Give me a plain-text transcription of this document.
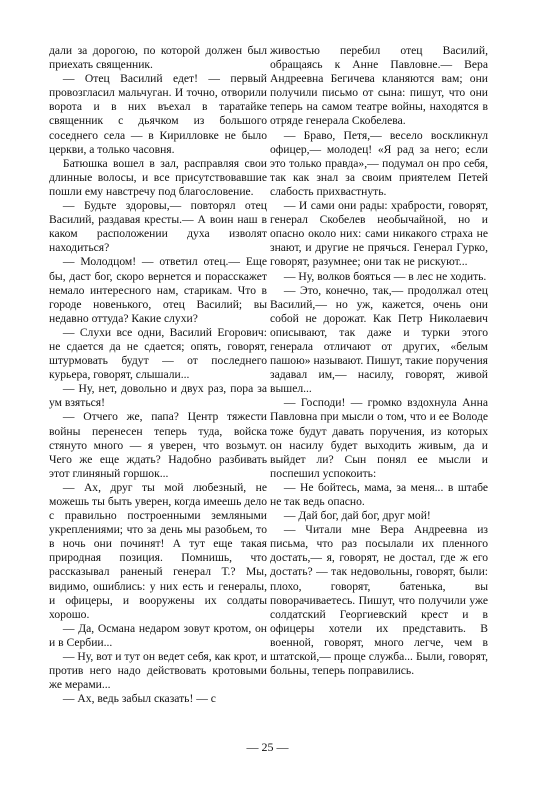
дали за дорогою, по которой должен был приехать священник.

— Отец Василий едет! — первый провозгласил мальчуган. И точно, отворили ворота и в них въехал в таратайке священник с дьячком из большого соседнего села — в Кирилловке не было церкви, а только часовня.

Батюшка вошел в зал, расправляя свои длинные волосы, и все присутствовавшие пошли ему навстречу под благословение.

— Будьте здоровы,— повторял отец Василий, раздавая кресты.— А воин наш в каком расположении духа изволят находиться?

— Молодцом! — ответил отец.— Еще бы, даст бог, скоро вернется и порасскажет немало интересного нам, старикам. Что в городе новенького, отец Василий; вы недавно оттуда? Какие слухи?

— Слухи все одни, Василий Егорович: не сдается да не сдается; опять, говорят, штурмовать будут — от последнего курьера, говорят, слышали...

— Ну, нет, довольно и двух раз, пора за ум взяться!

— Отчего же, папа? Центр тяжести войны перенесен теперь туда, войска стянуто много — я уверен, что возьмут. Чего же еще ждать? Надобно разбивать этот глиняный горшок...

— Ах, друг ты мой любезный, не можешь ты быть уверен, когда имеешь дело с правильно построенными земляными укреплениями; что за день мы разобьем, то в ночь они починят! А тут еще такая природная позиция. Помнишь, что рассказывал раненый генерал Т.? Мы, видимо, ошиблись: у них есть и генералы, и офицеры, и вооружены их солдаты хорошо.

— Да, Османа недаром зовут кротом, он и в Сербии...

— Ну, вот и тут он ведет себя, как крот, и против него надо действовать кротовыми же мерами...

— Ах, ведь забыл сказать! — с

живостью перебил отец Василий, обращаясь к Анне Павловне.— Вера Андреевна Бегичева кланяются вам; они получили письмо от сына: пишут, что они теперь на самом театре войны, находятся в отряде генерала Скобелева.

— Браво, Петя,— весело воскликнул офицер,— молодец! «Я рад за него; если это только правда»,— подумал он про себя, так как знал за своим приятелем Петей слабость прихвастнуть.

— И сами они рады: храбрости, говорят, генерал Скобелев необычайной, но и опасно около них: сами никакого страха не знают, и другие не прячься. Генерал Гурко, говорят, разумнее; они так не рискуют...

— Ну, волков бояться — в лес не ходить.

— Это, конечно, так,— продолжал отец Василий,— но уж, кажется, очень они собой не дорожат. Как Петр Николаевич описывают, так даже и турки этого генерала отличают от других, «белым пашою» называют. Пишут, такие поручения задавал им,— насилу, говорят, живой вышел...

— Господи! — громко вздохнула Анна Павловна при мысли о том, что и ее Володе тоже будут давать поручения, из которых он насилу будет выходить живым, да и выйдет ли? Сын понял ее мысли и поспешил успокоить:

— Не бойтесь, мама, за меня... в штабе не так ведь опасно.

— Дай бог, дай бог, друг мой!

— Читали мне Вера Андреевна из письма, что раз посылали их пленного достать,— я, говорят, не достал, где ж его достать? — так недовольны, говорят, были: плохо, говорят, батенька, вы поворачиваетесь. Пишут, что получили уже солдатский Георгиевский крест и в офицеры хотели их представить. В военной, говорят, много легче, чем в штатской,— проще служба... Были, говорят, больны, теперь поправились.

— 25 —
